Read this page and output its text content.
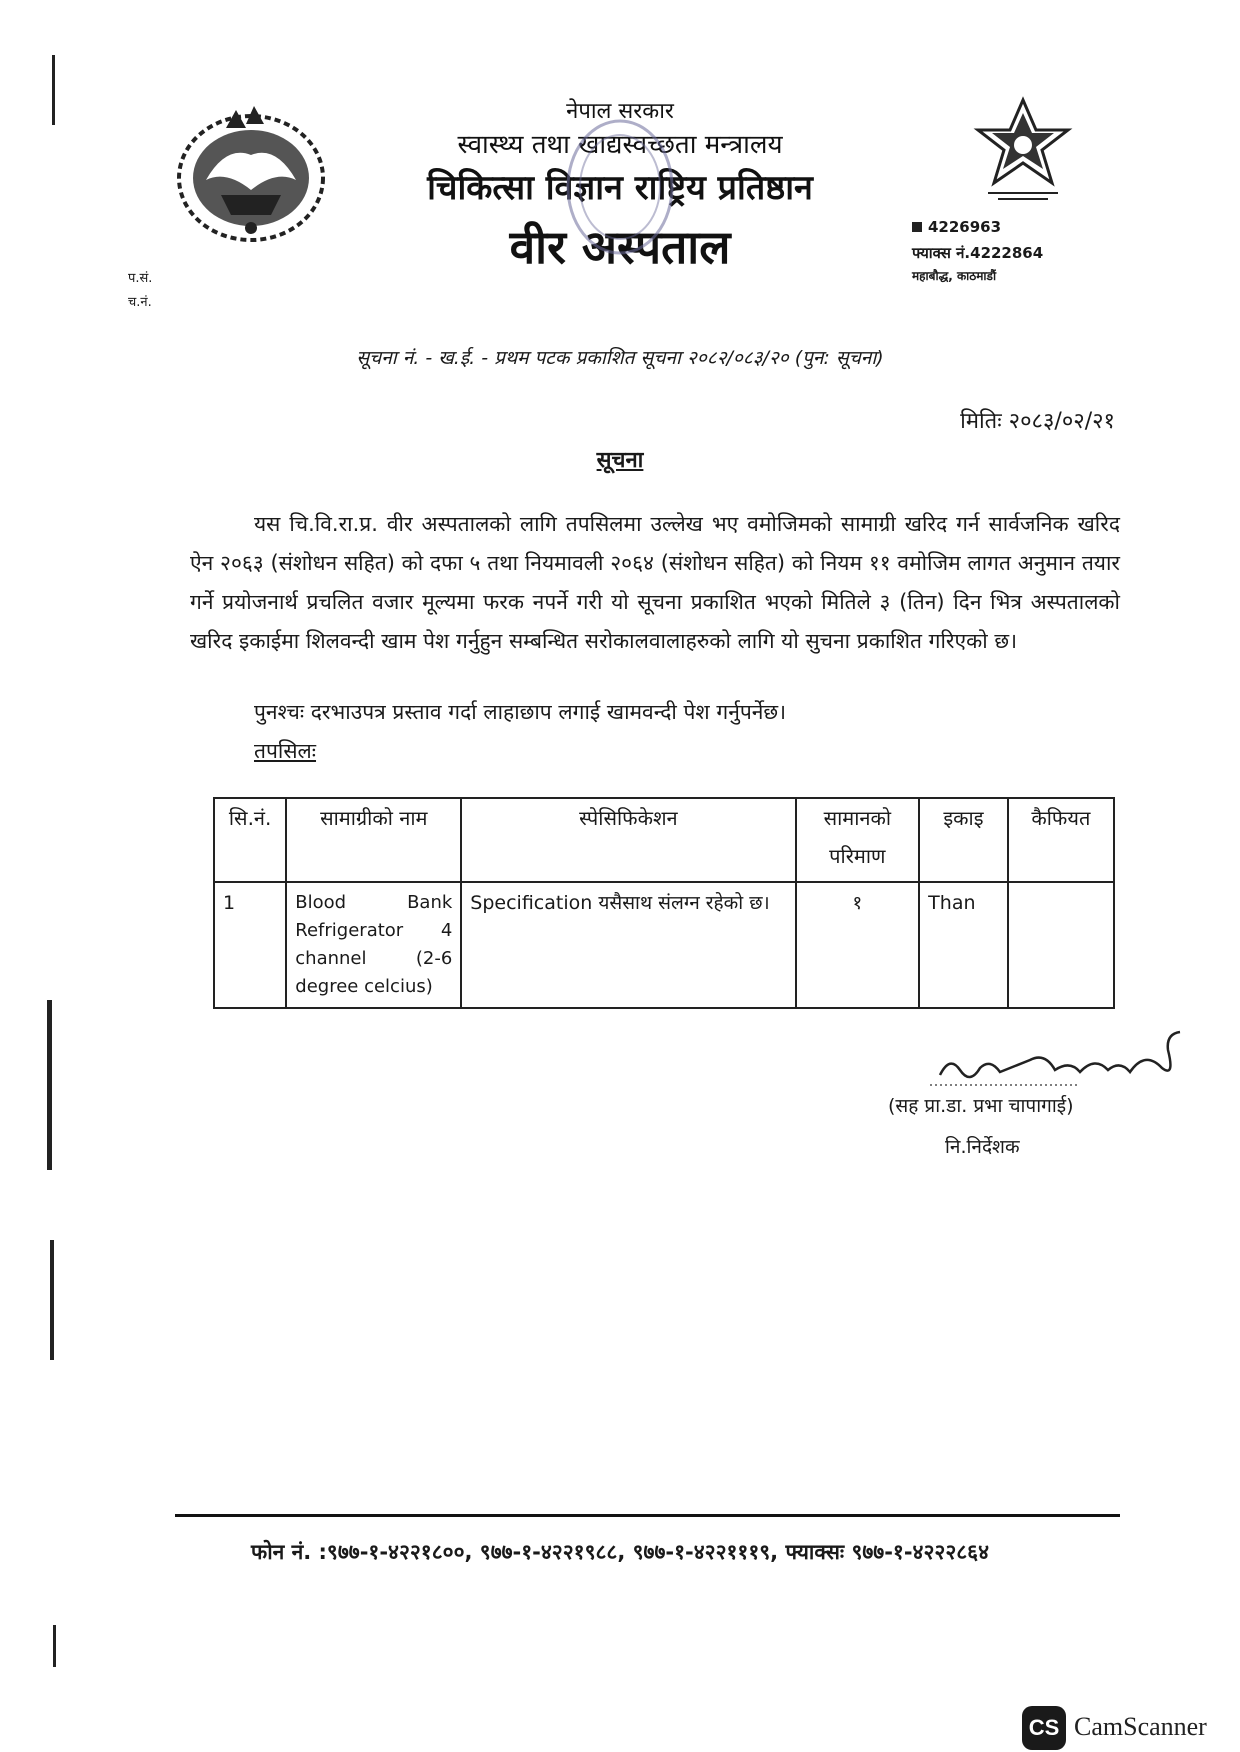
नेपाल सरकार
स्वास्थ्य तथा खाद्यस्वच्छता मन्त्रालय
चिकित्सा विज्ञान राष्ट्रिय प्रतिष्ठान
वीर अस्पताल	4226963
फ्याक्स नं.4222864
महाबौद्ध, काठमाडौं
प.सं.
च.नं.
सूचना नं. - ख.ई. - प्रथम पटक प्रकाशित सूचना २०८२/०८३/२० (पुन: सूचना)
मितिः २०८३/०२/२१
सूचना

यस चि.वि.रा.प्र. वीर अस्पतालको लागि तपसिलमा उल्लेख भए वमोजिमको सामाग्री खरिद गर्न सार्वजनिक खरिद ऐन २०६३ (संशोधन सहित) को दफा ५ तथा नियमावली २०६४ (संशोधन सहित) को नियम ११ वमोजिम लागत अनुमान तयार गर्ने प्रयोजनार्थ प्रचलित वजार मूल्यमा फरक नपर्ने गरी यो सूचना प्रकाशित भएको मितिले ३ (तिन) दिन भित्र अस्पतालको खरिद इकाईमा शिलवन्दी खाम पेश गर्नुहुन सम्बन्धित सरोकालवालाहरुको लागि यो सुचना प्रकाशित गरिएको छ।

पुनश्चः दरभाउपत्र प्रस्ताव गर्दा लाहाछाप लगाई खामवन्दी पेश गर्नुपर्नेछ।
तपसिलः
सि.नं.	सामाग्रीको नाम	स्पेसिफिकेशन	सामानको परिमाण	इकाइ	कैफियत
1	Blood Bank Refrigerator 4 channel (2-6 degree celcius)	Specification यसैसाथ संलग्न रहेको छ।	१	Than	
(सह प्रा.डा. प्रभा चापागाई)
नि.निर्देशक
फोन नं. :९७७-१-४२२१८००, ९७७-१-४२२१९८८, ९७७-१-४२२१११९, फ्याक्सः ९७७-१-४२२२८६४
CS CamScanner
